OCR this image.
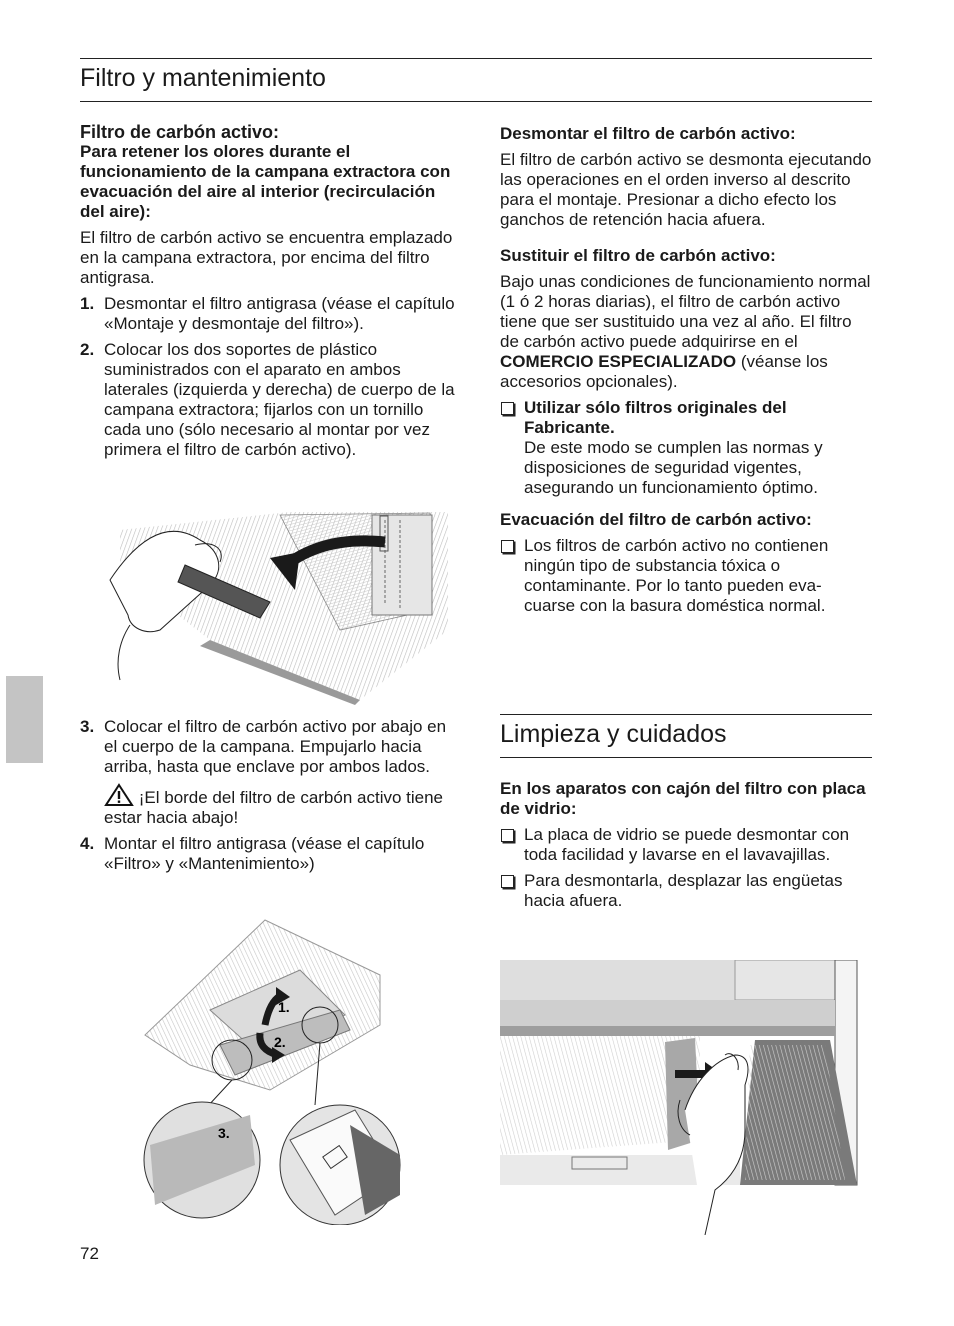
Filtro y mantenimiento

Filtro de carbón activo:

Para retener los olores durante el funcionamiento de la campana extractora con evacuación del aire al interior (recirculación del aire):

El filtro de carbón activo se encuentra emplazado en la campana extractora, por encima del filtro antigrasa.

1. Desmontar el filtro antigrasa (véase el capítulo «Montaje y desmontaje del filtro»).
2. Colocar los dos soportes de plástico suministrados con el aparato en ambos laterales (izquierda y derecha) de cuerpo de la campana extractora; fijarlos con un tornillo cada uno (sólo necesario al montar por vez primera el filtro de carbón activo).
3. Colocar el filtro de carbón activo por abajo en el cuerpo de la campana. Empujarlo hacia arriba, hasta que enclave por ambos lados.
¡El borde del filtro de carbón activo tiene estar hacia abajo!
4. Montar el filtro antigrasa (véase el capítulo «Filtro» y «Mantenimiento»)
1.
2.
3.

Desmontar el filtro de carbón activo:

El filtro de carbón activo se desmonta ejecutando las operaciones en el orden inverso al descrito para el montaje. Presionar a dicho efecto los ganchos de retención hacia afuera.

Sustituir el filtro de carbón activo:

Bajo unas condiciones de funcionamiento normal (1 ó 2 horas diarias), el filtro de carbón activo tiene que ser sustituido una vez al año. El filtro de carbón activo puede adquirirse en el COMERCIO ESPECIALIZADO (véanse los accesorios opcionales).

Utilizar sólo filtros originales del Fabricante.
De este modo se cumplen las normas y disposiciones de seguridad vigentes, asegurando un funcionamiento óptimo.

Evacuación del filtro de carbón activo:

Los filtros de carbón activo no contienen ningún tipo de substancia tóxica o contaminante. Por lo tanto pueden eva-cuarse con la basura doméstica normal.
Limpieza y cuidados

En los aparatos con cajón del filtro con placa de vidrio:

La placa de vidrio se puede desmontar con toda facilidad y lavarse en el lavavajillas.
Para desmontarla, desplazar las engüetas hacia afuera.
72
